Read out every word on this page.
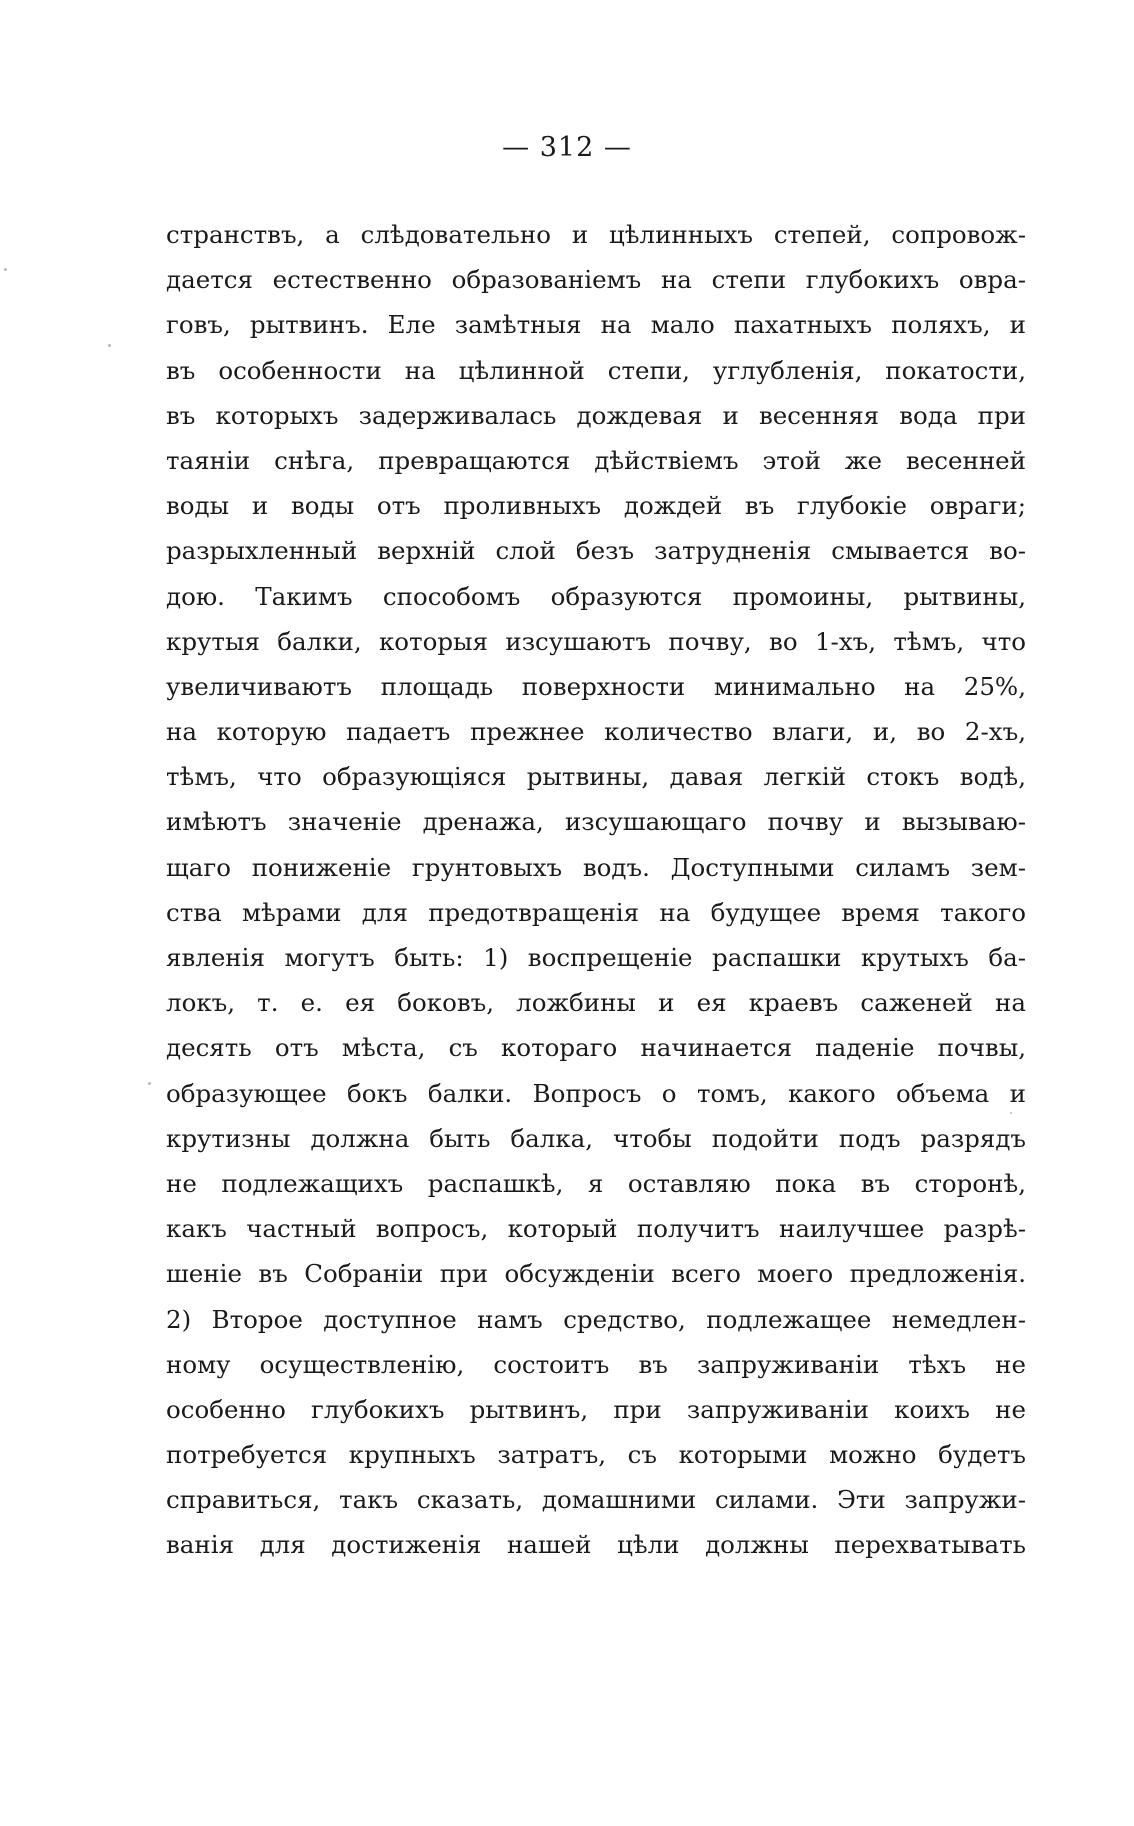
— 312 —
странствъ, а слѣдовательно и цѣлинныхъ степей, сопровож-
дается естественно образованіемъ на степи глубокихъ овра-
говъ, рытвинъ. Еле замѣтныя на мало пахатныхъ поляхъ, и
въ особенности на цѣлинной степи, углубленія, покатости,
въ которыхъ задерживалась дождевая и весенняя вода при
таяніи снѣга, превращаются дѣйствіемъ этой же весенней
воды и воды отъ проливныхъ дождей въ глубокіе овраги;
разрыхленный верхній слой безъ затрудненія смывается во-
дою. Такимъ способомъ образуются промоины, рытвины,
крутыя балки, которыя изсушаютъ почву, во 1-хъ, тѣмъ, что
увеличиваютъ площадь поверхности минимально на 25%,
на которую падаетъ прежнее количество влаги, и, во 2-хъ,
тѣмъ, что образующіяся рытвины, давая легкій стокъ водѣ,
имѣютъ значеніе дренажа, изсушающаго почву и вызываю-
щаго пониженіе грунтовыхъ водъ. Доступными силамъ зем-
ства мѣрами для предотвращенія на будущее время такого
явленія могутъ быть: 1) воспрещеніе распашки крутыхъ ба-
локъ, т. е. ея боковъ, ложбины и ея краевъ саженей на
десять отъ мѣста, съ котораго начинается паденіе почвы,
образующее бокъ балки. Вопросъ о томъ, какого объема и
крутизны должна быть балка, чтобы подойти подъ разрядъ
не подлежащихъ распашкѣ, я оставляю пока въ сторонѣ,
какъ частный вопросъ, который получитъ наилучшее разрѣ-
шеніе въ Собраніи при обсужденіи всего моего предложенія.
2) Второе доступное намъ средство, подлежащее немедлен-
ному осуществленію, состоитъ въ запруживаніи тѣхъ не
особенно глубокихъ рытвинъ, при запруживаніи коихъ не
потребуется крупныхъ затратъ, съ которыми можно будетъ
справиться, такъ сказать, домашними силами. Эти запружи-
ванія для достиженія нашей цѣли должны перехватывать
